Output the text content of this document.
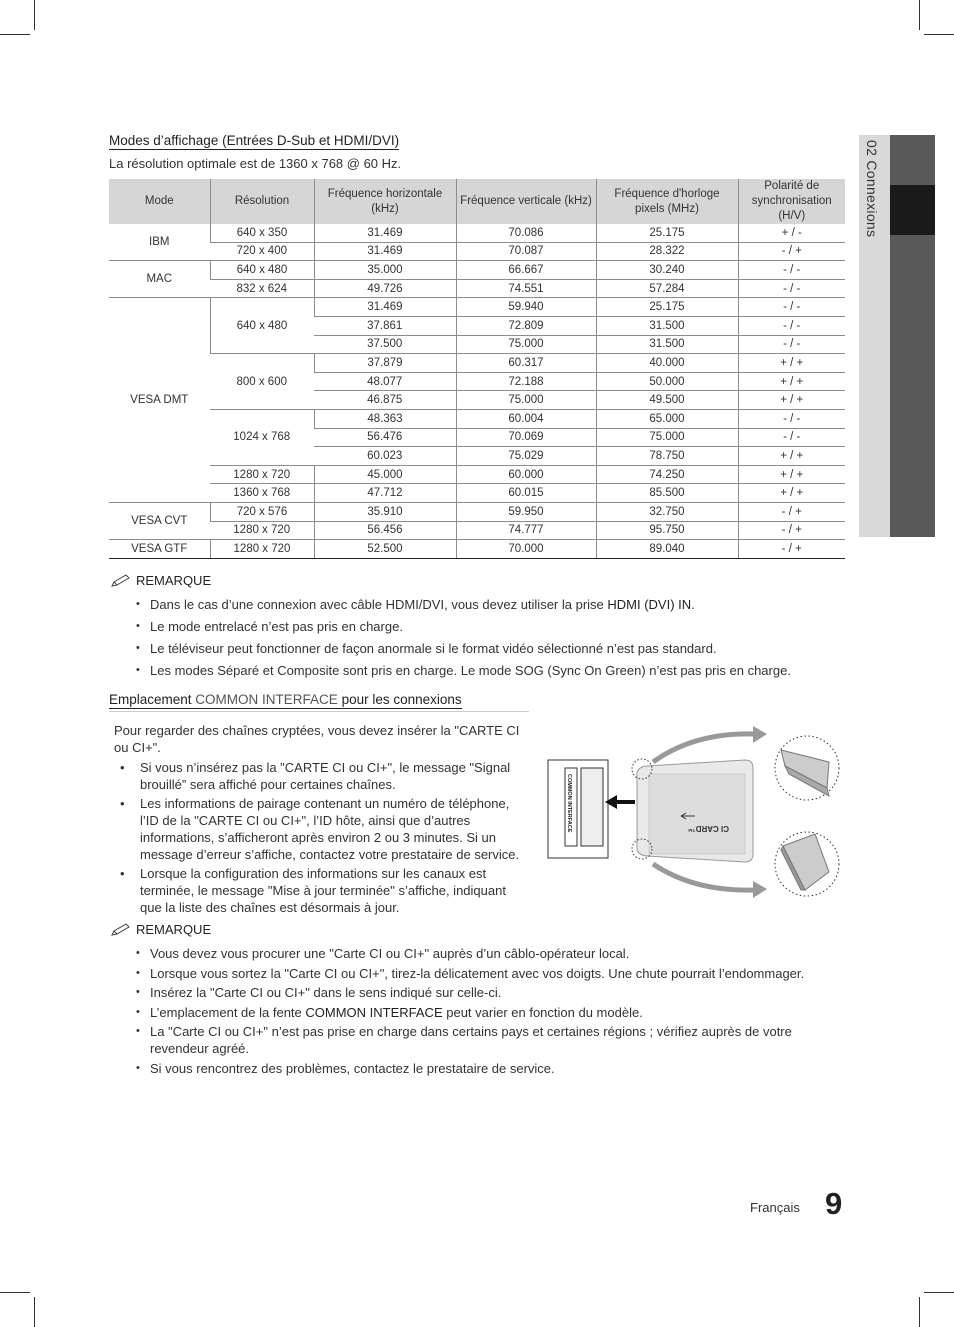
02 Connexions
Modes d’affichage (Entrées D-Sub et HDMI/DVI)
La résolution optimale est de 1360 x 768 @ 60 Hz.
Mode	Résolution	Fréquence horizontale (kHz)	Fréquence verticale (kHz)	Fréquence d'horloge pixels (MHz)	Polarité de synchronisation (H/V)
IBM	640 x 350	31.469	70.086	25.175	+ / -
	720 x 400	31.469	70.087	28.322	- / +
MAC	640 x 480	35.000	66.667	30.240	- / -
	832 x 624	49.726	74.551	57.284	- / -
VESA DMT	640 x 480	31.469	59.940	25.175	- / -
		37.861	72.809	31.500	- / -
		37.500	75.000	31.500	- / -
	800 x 600	37.879	60.317	40.000	+ / +
		48.077	72.188	50.000	+ / +
		46.875	75.000	49.500	+ / +
	1024 x 768	48.363	60.004	65.000	- / -
		56.476	70.069	75.000	- / -
		60.023	75.029	78.750	+ / +
	1280 x 720	45.000	60.000	74.250	+ / +
	1360 x 768	47.712	60.015	85.500	+ / +
VESA CVT	720 x 576	35.910	59.950	32.750	- / +
	1280 x 720	56.456	74.777	95.750	- / +
VESA GTF	1280 x 720	52.500	70.000	89.040	- / +
REMARQUE
• Dans le cas d’une connexion avec câble HDMI/DVI, vous devez utiliser la prise HDMI (DVI) IN.
• Le mode entrelacé n’est pas pris en charge.
• Le téléviseur peut fonctionner de façon anormale si le format vidéo sélectionné n’est pas standard.
• Les modes Séparé et Composite sont pris en charge. Le mode SOG (Sync On Green) n’est pas pris en charge.
Emplacement COMMON INTERFACE pour les connexions
Pour regarder des chaînes cryptées, vous devez insérer la "CARTE CI ou CI+".
• Si vous n’insérez pas la "CARTE CI ou CI+", le message "Signal brouillé” sera affiché pour certaines chaînes.
• Les informations de pairage contenant un numéro de téléphone, l’ID de la "CARTE CI ou CI+", l’ID hôte, ainsi que d’autres informations, s’afficheront après environ 2 ou 3 minutes. Si un message d’erreur s’affiche, contactez votre prestataire de service.
• Lorsque la configuration des informations sur les canaux est terminée, le message "Mise à jour terminée" s’affiche, indiquant que la liste des chaînes est désormais à jour.
COMMON INTERFACE	CI CARD™
REMARQUE
• Vous devez vous procurer une "Carte CI ou CI+" auprès d’un câblo-opérateur local.
• Lorsque vous sortez la "Carte CI ou CI+", tirez-la délicatement avec vos doigts. Une chute pourrait l’endommager.
• Insérez la "Carte CI ou CI+" dans le sens indiqué sur celle-ci.
• L’emplacement de la fente COMMON INTERFACE peut varier en fonction du modèle.
• La "Carte CI ou CI+" n’est pas prise en charge dans certains pays et certaines régions ; vérifiez auprès de votre revendeur agréé.
• Si vous rencontrez des problèmes, contactez le prestataire de service.
Français 9
